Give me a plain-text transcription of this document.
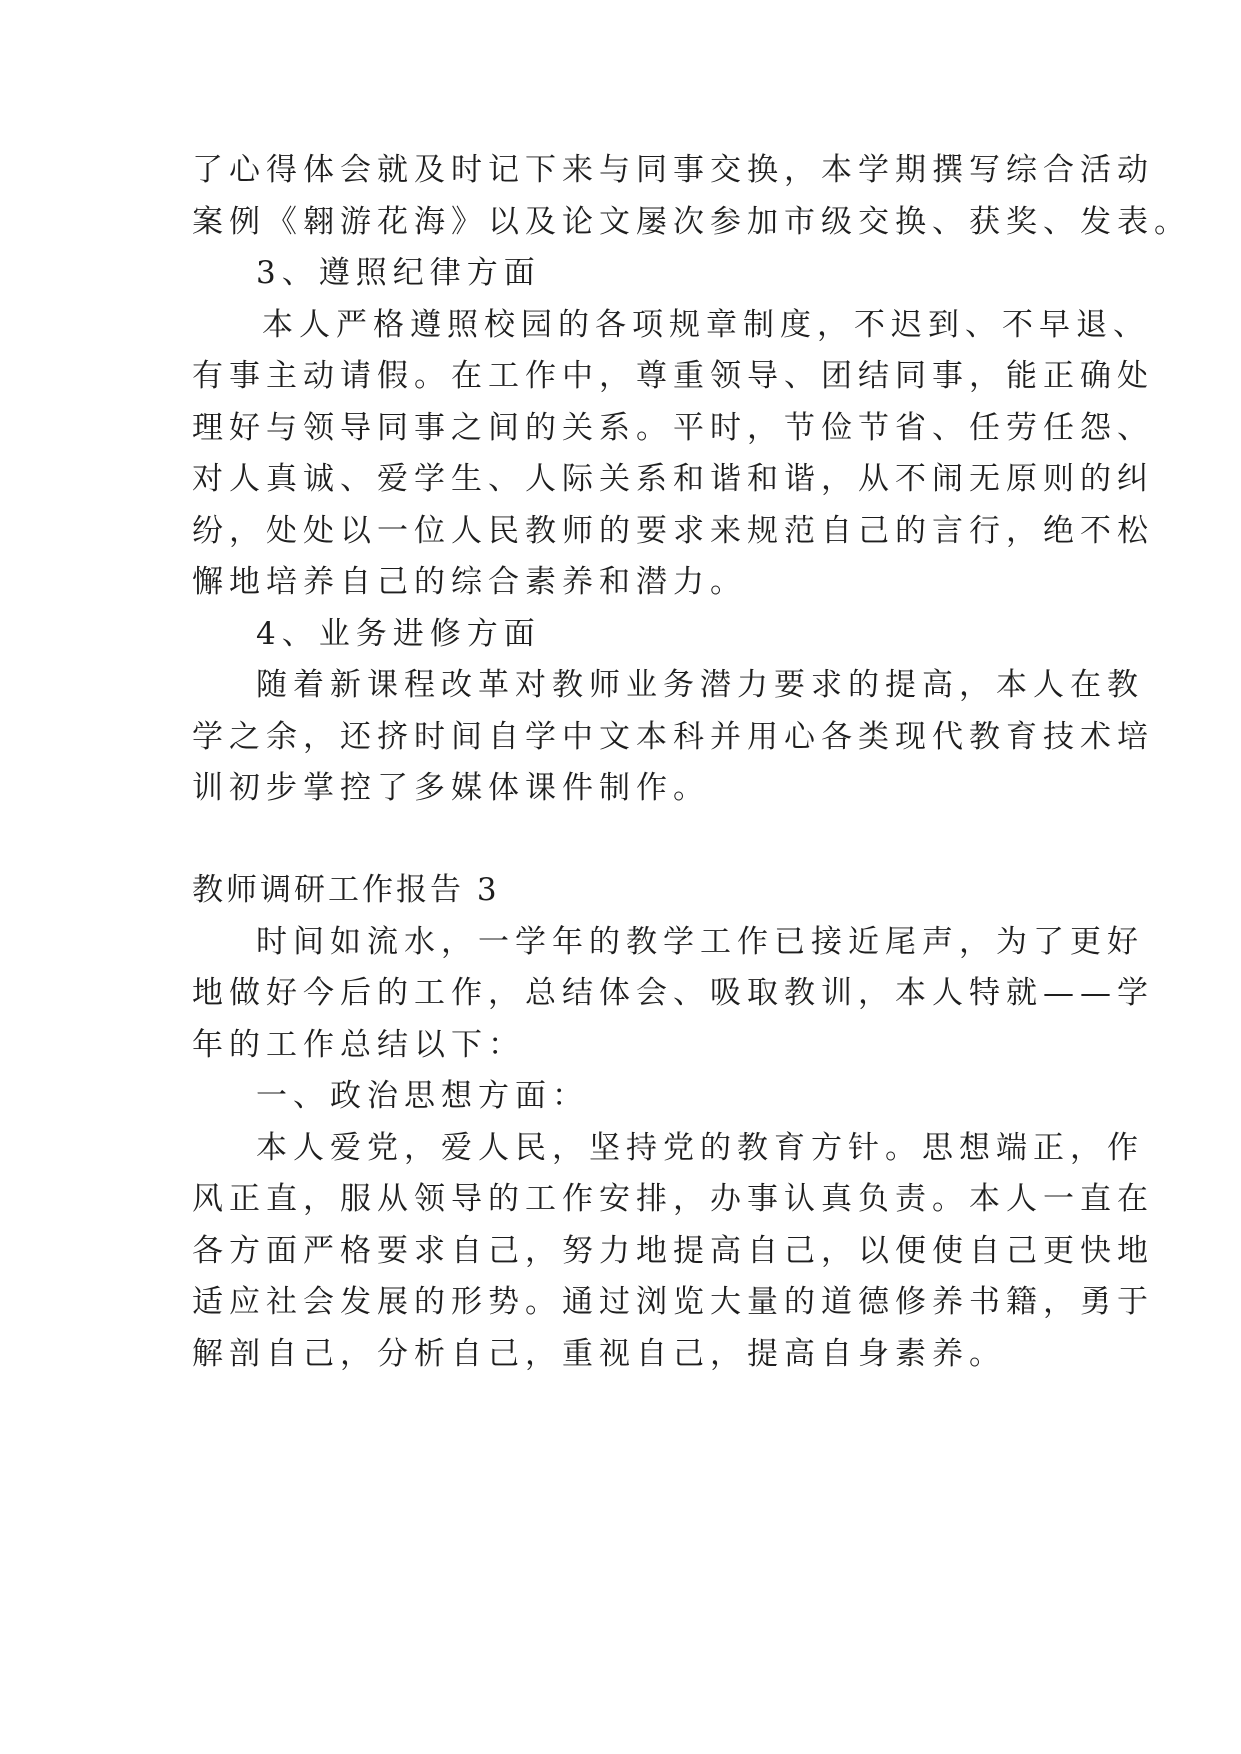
了心得体会就及时记下来与同事交换，本学期撰写综合活动
案例《翱游花海》以及论文屡次参加市级交换、获奖、发表。
3、遵照纪律方面
本人严格遵照校园的各项规章制度，不迟到、不早退、
有事主动请假。在工作中，尊重领导、团结同事，能正确处
理好与领导同事之间的关系。平时，节俭节省、任劳任怨、
对人真诚、爱学生、人际关系和谐和谐，从不闹无原则的纠
纷，处处以一位人民教师的要求来规范自己的言行，绝不松
懈地培养自己的综合素养和潜力。
4、业务进修方面
随着新课程改革对教师业务潜力要求的提高，本人在教
学之余，还挤时间自学中文本科并用心各类现代教育技术培
训初步掌控了多媒体课件制作。
教师调研工作报告 3
时间如流水，一学年的教学工作已接近尾声，为了更好
地做好今后的工作，总结体会、吸取教训，本人特就——学
年的工作总结以下：
一、政治思想方面：
本人爱党，爱人民，坚持党的教育方针。思想端正，作
风正直，服从领导的工作安排，办事认真负责。本人一直在
各方面严格要求自己，努力地提高自己，以便使自己更快地
适应社会发展的形势。通过浏览大量的道德修养书籍，勇于
解剖自己，分析自己，重视自己，提高自身素养。
